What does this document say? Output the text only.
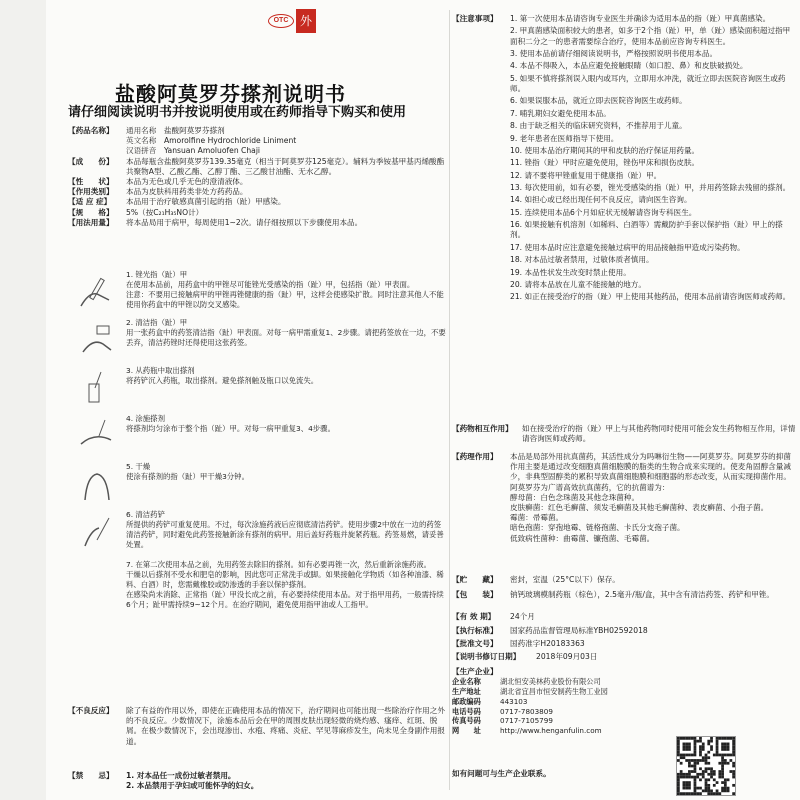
OTC 外
盐酸阿莫罗芬搽剂说明书
请仔细阅读说明书并按说明使用或在药师指导下购买和使用
【药品名称】	通用名称　 盐酸阿莫罗芬搽剂
英文名称　 Amorolfine Hydrochloride Liniment
汉语拼音　 Yansuan Amoluofen Chaji
【成　　份】	本品每瓶含盐酸阿莫罗芬139.35毫克（相当于阿莫罗芬125毫克）。辅料为季铵基甲基丙烯酸酯共聚物A型、乙酸乙酯、乙醇丁酯、三乙酸甘油酯、无水乙醇。
【性　　状】	本品为无色或几乎无色的澄清液体。
【作用类别】	本品为皮肤科用药类非处方药药品。
【适 应 症】	本品用于治疗敏感真菌引起的指（趾）甲感染。
【规　　格】	5%（按C₂₁H₃₅NO计）
【用法用量】	将本品局用于病甲，每周使用1~2次。请仔细按照以下步骤使用本品。
1. 锉光指（趾）甲
在使用本品前，用药盒中的甲锉尽可能锉光受感染的指（趾）甲，包括指（趾）甲表面。
注意：不要用已接触病甲的甲锉再锉健康的指（趾）甲，这样会使感染扩散。同时注意其他人不能使用你药盒中的甲锉以防交叉感染。
2. 清洁指（趾）甲
用一张药盒中的药签清洁指（趾）甲表面。对每一病甲需重复1、2步骤。请把药签放在一边，不要丢弃，清洁药锉时还得使用这张药签。
3. 从药瓶中取出搽剂
将药铲沉入药瓶，取出搽剂。避免搽剂触及瓶口以免流失。
4. 涂施搽剂
将搽剂均匀涂布于整个指（趾）甲。对每一病甲重复3、4步骤。
5. 干燥
使涂有搽剂的指（趾）甲干燥3分钟。
6. 清洁药铲
所提供的药铲可重复使用。不过，每次涂施药液后应彻底清洁药铲。使用步骤2中放在一边的药签清洁药铲，同时避免此药签接触新涂有搽剂的病甲。用后盖好药瓶并旋紧药瓶。药签易燃，请妥善处置。

7. 在第二次使用本品之前，先用药签去除旧的搽剂。如有必要再锉一次，然后重新涂施药液。
干燥以后搽剂不受水和肥皂的影响，因此您可正常洗手或脚。如果接触化学物质（如各种油漆、稀料、白酒）时，您需戴橡胶或防渗透的手套以保护搽剂。
在感染尚未消除、正常指（趾）甲没长成之前，有必要持续使用本品。对于指甲用药，一般需持续6个月；趾甲需持续9~12个月。在治疗期间，避免使用指甲油或人工指甲。
【不良反应】	除了有益的作用以外，即使在正确使用本品的情况下，治疗期间也可能出现一些除治疗作用之外的不良反应。少数情况下，涂施本品后会在甲的周围皮肤出现轻微的烧灼感、瘙痒、红斑、脱屑。在极少数情况下，会出现渗出、水疱、疼痛、炎症、罕见荨麻疹发生，尚未见全身副作用报道。
【禁　　忌】	1. 对本品任一成份过敏者禁用。
2. 本品禁用于孕妇或可能怀孕的妇女。
【注意事项】	1. 第一次使用本品请咨询专业医生并确诊为适用本品的指（趾）甲真菌感染。
2. 甲真菌感染面积较大的患者，如多于2个指（趾）甲，单（趾）感染面积超过指甲面积二分之一的患者需要综合治疗，使用本品前应咨询专科医生。
3. 使用本品前请仔细阅读说明书，严格按照说明书使用本品。
4. 本品不得吸入，本品应避免接触眼睛（如口腔、鼻）和皮肤破损处。
5. 如果不慎将搽剂误入眼内或耳内，立即用水冲洗，就近立即去医院咨询医生或药师。
6. 如果误服本品，就近立即去医院咨询医生或药师。
7. 哺乳期妇女避免使用本品。
8. 由于缺乏相关的临床研究资料，不推荐用于儿童。
9. 老年患者在医师指导下使用。
10. 使用本品治疗期间其的甲和皮肤的治疗保证用药量。
11. 锉指（趾）甲时应避免使用，锉伤甲床和损伤皮肤。
12. 请不要将甲锉重复用于健康指（趾）甲。
13. 每次使用前，如有必要，锉光受感染的指（趾）甲，并用药签除去残留的搽剂。
14. 如担心或已经出现任何不良反应，请向医生咨询。
15. 连续使用本品6个月如症状无缓解请咨询专科医生。
16. 如果接触有机溶剂（如稀料、白酒等）需戴防护手套以保护指（趾）甲上的搽剂。
17. 使用本品时应注意避免接触过病甲的用品接触指甲造成污染药物。
18. 对本品过敏者禁用，过敏体质者慎用。
19. 本品性状发生改变时禁止使用。
20. 请将本品放在儿童不能接触的地方。
21. 如正在接受治疗的指（趾）甲上使用其他药品，使用本品前请咨询医师或药师。
【药物相互作用】	如在接受治疗的指（趾）甲上与其他药物同时使用可能会发生药物相互作用，详情请咨询医师或药师。
【药理作用】	本品是局部外用抗真菌药，其活性成分为吗啉衍生物——阿莫罗芬。阿莫罗芬的抑菌作用主要是通过改变细胞真菌细胞膜的脂类的生物合成来实现的。使麦角固醇含量减少，非典型固醇类的累积导致真菌细胞膜和细胞器的形态改变，从而实现抑菌作用。
阿莫罗芬为广谱高效抗真菌药，它的抗菌谱为：
酵母菌：白色念珠菌及其他念珠菌种。
皮肤癣菌：红色毛癣菌、须发毛癣菌及其他毛癣菌种、表皮癣菌、小孢子菌。
霉菌：帚霉菌。
暗色孢菌：穿孢地霉、链格孢菌、卡氏分支孢子菌。
低致病性菌种：曲霉菌、镰孢菌、毛霉菌。
【贮　　藏】	密封，室温（25°C以下）保存。
【包　　装】	钠钙玻璃模制药瓶（棕色），2.5毫升/瓶/盒，其中含有清洁药签、药铲和甲锉。
【有 效 期】	24个月
【执行标准】	国家药品监督管理局标准YBH02592018
【批准文号】	国药准字H20183363
【说明书修订日期】	2018年09月03日
【生产企业】
企业名称	湖北恒安美林药业股份有限公司
生产地址	湖北省宜昌市恒安制药生物工业园
邮政编码	443103
电话号码	0717-7803809
传真号码	0717-7105799
网　　址	http://www.henganfulin.com
如有问题可与生产企业联系。
